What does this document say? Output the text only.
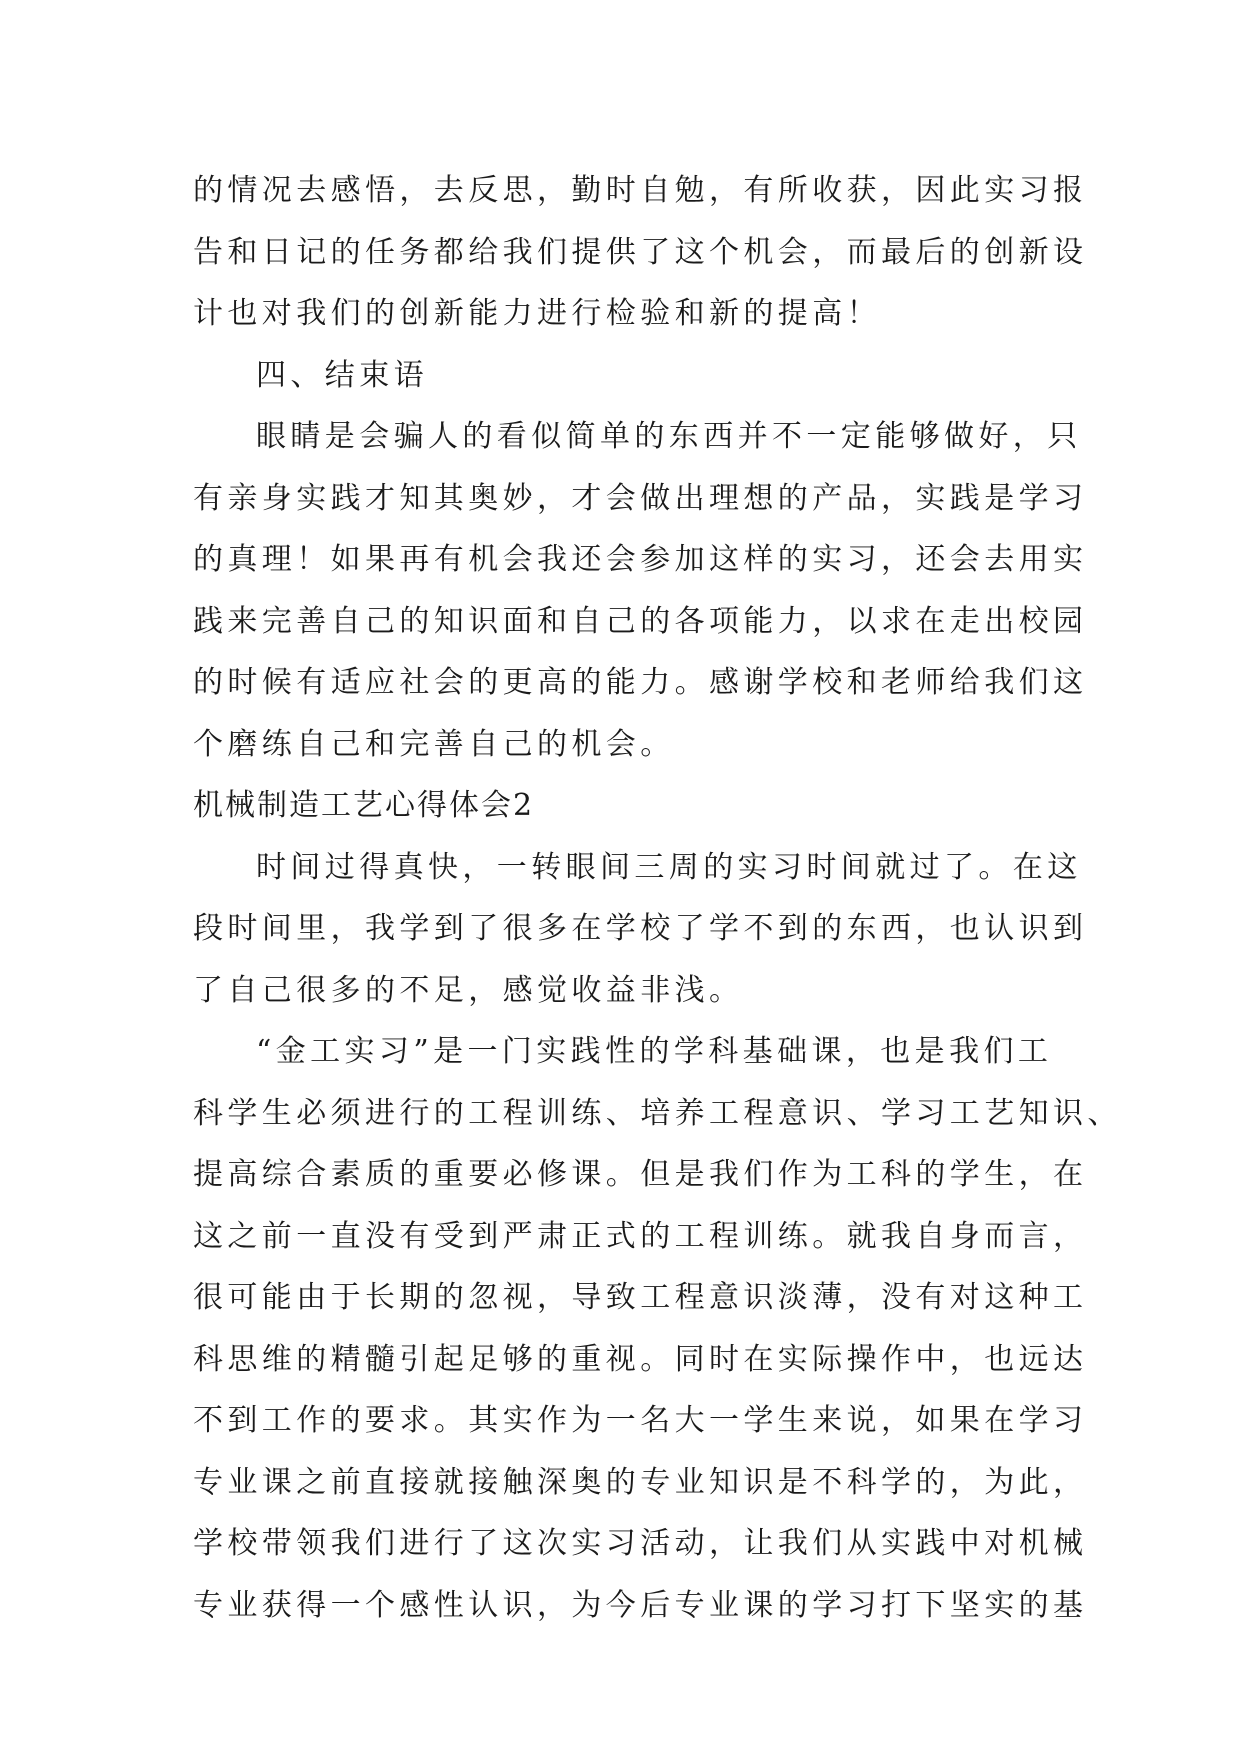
的情况去感悟，去反思，勤时自勉，有所收获，因此实习报
告和日记的任务都给我们提供了这个机会，而最后的创新设
计也对我们的创新能力进行检验和新的提高！
四、结束语
眼睛是会骗人的看似简单的东西并不一定能够做好，只
有亲身实践才知其奥妙，才会做出理想的产品，实践是学习
的真理！如果再有机会我还会参加这样的实习，还会去用实
践来完善自己的知识面和自己的各项能力，以求在走出校园
的时候有适应社会的更高的能力。感谢学校和老师给我们这
个磨练自己和完善自己的机会。
机械制造工艺心得体会2
时间过得真快，一转眼间三周的实习时间就过了。在这
段时间里，我学到了很多在学校了学不到的东西，也认识到
了自己很多的不足，感觉收益非浅。
“金工实习”是一门实践性的学科基础课，也是我们工
科学生必须进行的工程训练、培养工程意识、学习工艺知识、
提高综合素质的重要必修课。但是我们作为工科的学生，在
这之前一直没有受到严肃正式的工程训练。就我自身而言，
很可能由于长期的忽视，导致工程意识淡薄，没有对这种工
科思维的精髓引起足够的重视。同时在实际操作中，也远达
不到工作的要求。其实作为一名大一学生来说，如果在学习
专业课之前直接就接触深奥的专业知识是不科学的，为此，
学校带领我们进行了这次实习活动，让我们从实践中对机械
专业获得一个感性认识，为今后专业课的学习打下坚实的基
